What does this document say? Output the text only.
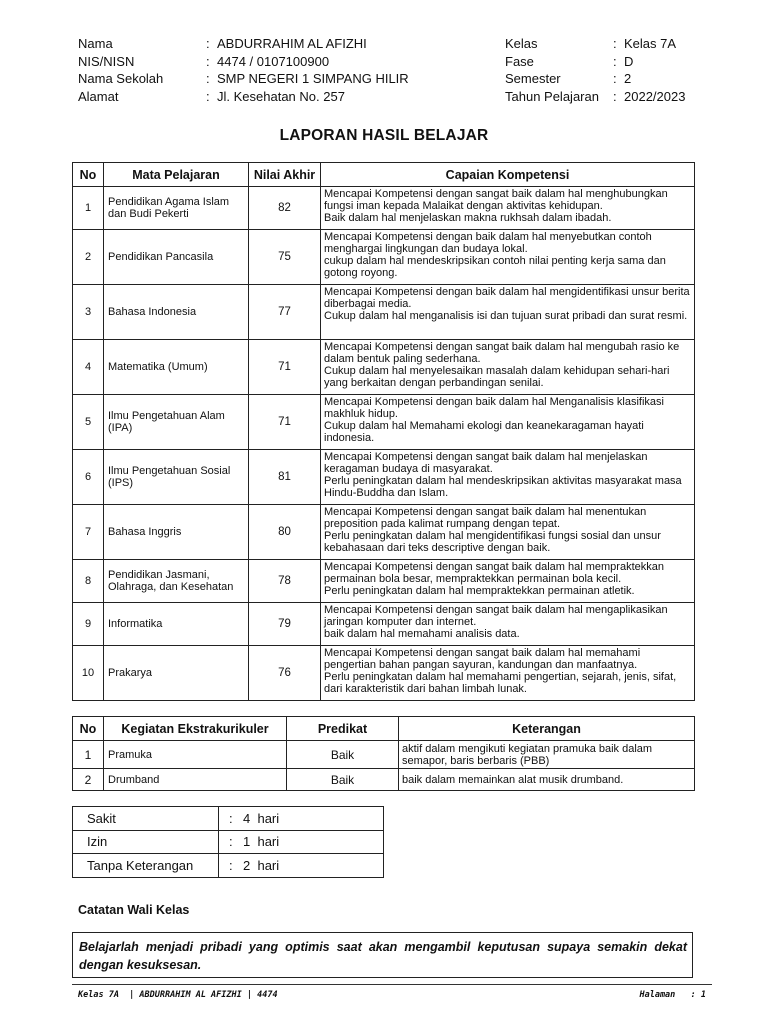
Nama	: ABDURRAHIM AL AFIZHI
NIS/NISN	: 4474 / 0107100900
Nama Sekolah	: SMP NEGERI 1 SIMPANG HILIR
Alamat	: Jl. Kesehatan No. 257
Kelas	: Kelas 7A
Fase	: D
Semester	: 2
Tahun Pelajaran : 2022/2023
LAPORAN HASIL BELAJAR
No	Mata Pelajaran	Nilai Akhir	Capaian Kompetensi
1	Pendidikan Agama Islam dan Budi Pekerti	82	Mencapai Kompetensi dengan sangat baik dalam hal menghubungkan fungsi iman kepada Malaikat dengan aktivitas kehidupan.
Baik dalam hal menjelaskan makna rukhsah dalam ibadah.
2	Pendidikan Pancasila	75	Mencapai Kompetensi dengan baik dalam hal menyebutkan contoh menghargai lingkungan dan budaya lokal.
cukup dalam hal mendeskripsikan contoh nilai penting kerja sama dan gotong royong.
3	Bahasa Indonesia	77	Mencapai Kompetensi dengan baik dalam hal mengidentifikasi unsur berita diberbagai media.
Cukup dalam hal menganalisis isi dan tujuan surat pribadi dan surat resmi.
4	Matematika (Umum)	71	Mencapai Kompetensi dengan sangat baik dalam hal mengubah rasio ke dalam bentuk paling sederhana.
Cukup dalam hal menyelesaikan masalah dalam kehidupan sehari-hari yang berkaitan dengan perbandingan senilai.
5	Ilmu Pengetahuan Alam (IPA)	71	Mencapai Kompetensi dengan baik dalam hal Menganalisis klasifikasi makhluk hidup.
Cukup dalam hal Memahami ekologi dan keanekaragaman hayati indonesia.
6	Ilmu Pengetahuan Sosial (IPS)	81	Mencapai Kompetensi dengan sangat baik dalam hal menjelaskan keragaman budaya di masyarakat.
Perlu peningkatan dalam hal mendeskripsikan aktivitas masyarakat masa Hindu-Buddha dan Islam.
7	Bahasa Inggris	80	Mencapai Kompetensi dengan sangat baik dalam hal menentukan preposition pada kalimat rumpang dengan tepat.
Perlu peningkatan dalam hal mengidentifikasi fungsi sosial dan unsur kebahasaan dari teks descriptive dengan baik.
8	Pendidikan Jasmani, Olahraga, dan Kesehatan	78	Mencapai Kompetensi dengan sangat baik dalam hal mempraktekkan permainan bola besar, mempraktekkan permainan bola kecil.
Perlu peningkatan dalam hal mempraktekkan permainan atletik.
9	Informatika	79	Mencapai Kompetensi dengan sangat baik dalam hal mengaplikasikan jaringan komputer dan internet.
baik dalam hal memahami analisis data.
10	Prakarya	76	Mencapai Kompetensi dengan sangat baik dalam hal memahami pengertian bahan pangan sayuran, kandungan dan manfaatnya.
Perlu peningkatan dalam hal memahami pengertian, sejarah, jenis, sifat, dari karakteristik dari bahan limbah lunak.
No	Kegiatan Ekstrakurikuler	Predikat	Keterangan
1	Pramuka	Baik	aktif dalam mengikuti kegiatan pramuka baik dalam semapor, baris berbaris (PBB)
2	Drumband	Baik	baik dalam memainkan alat musik drumband.
Sakit	: 4 hari
Izin	: 1 hari
Tanpa Keterangan	: 2 hari
Catatan Wali Kelas
Belajarlah menjadi pribadi yang optimis saat akan mengambil keputusan supaya semakin dekat dengan kesuksesan.
Kelas 7A  | ABDURRAHIM AL AFIZHI | 4474	Halaman   : 1
